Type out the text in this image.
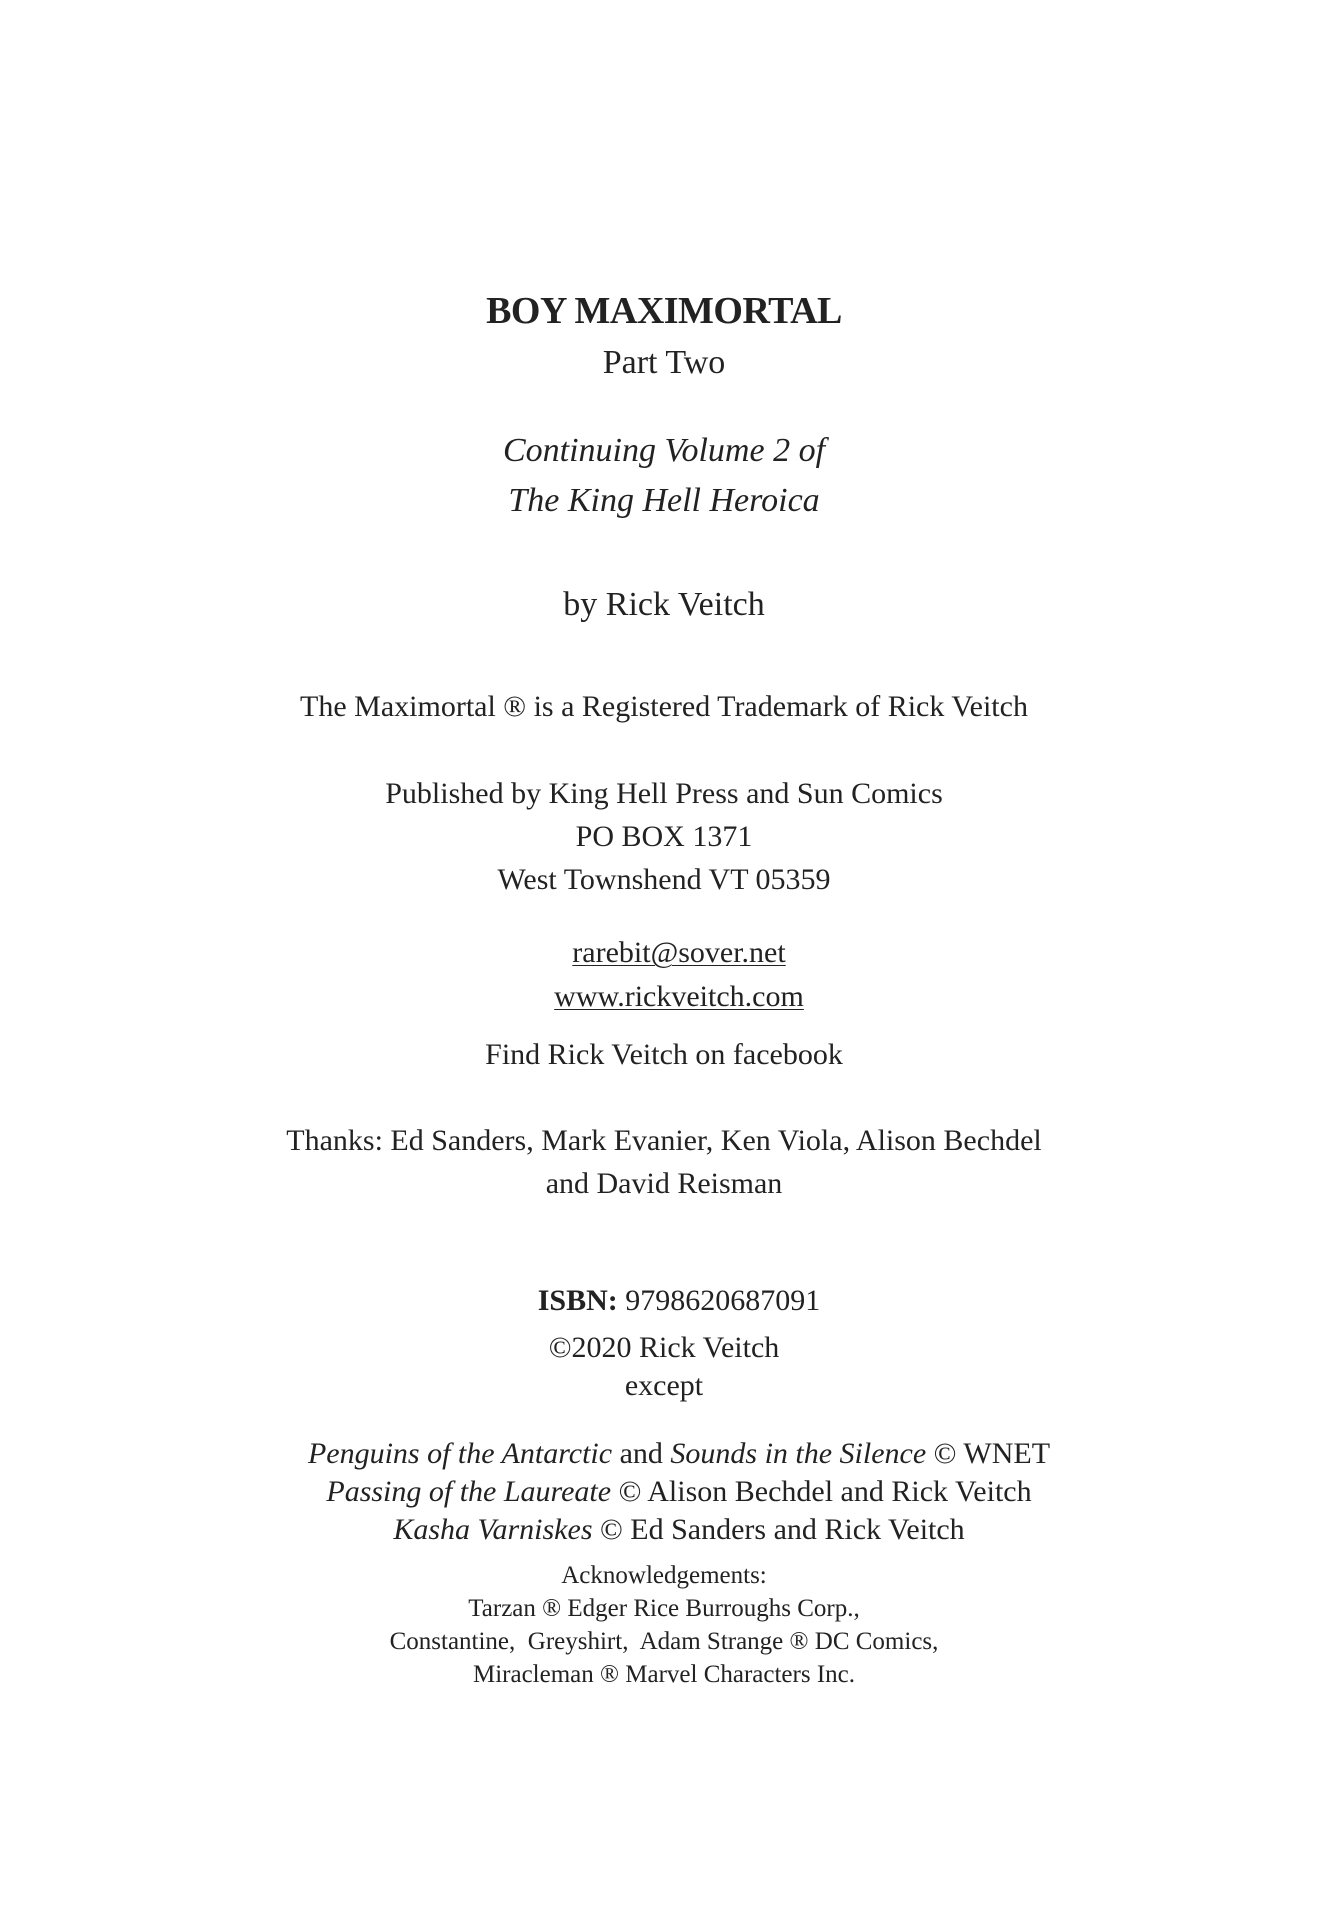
BOY MAXIMORTAL
Part Two
Continuing Volume 2 of
The King Hell Heroica
by Rick Veitch
The Maximortal ® is a Registered Trademark of Rick Veitch
Published by King Hell Press and Sun Comics
PO BOX 1371
West Townshend VT 05359

rarebit@sover.net

www.rickveitch.com

Find Rick Veitch on facebook
Thanks: Ed Sanders, Mark Evanier, Ken Viola, Alison Bechdel
and David Reisman

ISBN: 9798620687091

©2020 Rick Veitch
except

Penguins of the Antarctic and Sounds in the Silence © WNET

Passing of the Laureate © Alison Bechdel and Rick Veitch

Kasha Varniskes © Ed Sanders and Rick Veitch

Acknowledgements:
Tarzan ® Edger Rice Burroughs Corp.,
Constantine,  Greyshirt,  Adam Strange ® DC Comics,
Miracleman ® Marvel Characters Inc.
